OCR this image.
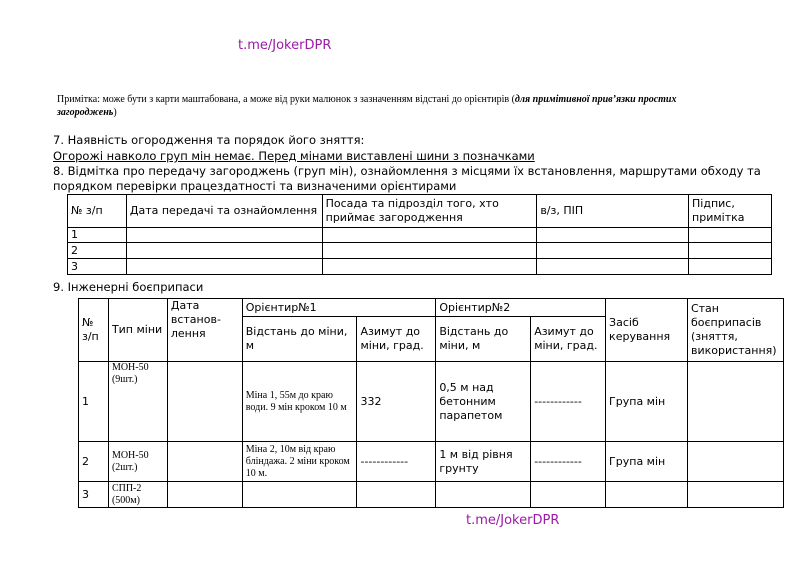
t.me/JokerDPR
Примітка: може бути з карти маштабована, а може від руки малюнок з зазначенням відстані до орієнтирів (для примітивної прив’язки простих загороджень)
7. Наявність огородження та порядок його зняття:
Огорожі навколо груп мін немає. Перед мінами виставлені шини з позначками
8. Відмітка про передачу загороджень (груп мін), ознайомлення з місцями їх встановлення, маршрутами обходу та
порядком перевірки працездатності та визначеними орієнтирами
№ з/п	Дата передачі та ознайомлення	Посада та підрозділ того, хто приймає загородження	в/з, ПІП	Підпис, примітка
1				
2				
3				
9. Інженерні боєприпаси
№ з/п	Тип міни	Дата встанов-лення	Орієнтир№1		Орієнтир№2		Засіб керування	Стан боєприпасів (зняття, використання)
			Відстань до міни, м	Азимут до міни, град.	Відстань до міни, м	Азимут до міни, град.		
1	МОН-50 (9шт.)		Міна 1, 55м до краю води. 9 мін кроком 10 м	332	0,5 м над бетонним парапетом	------------	Група мін	
2	МОН-50 (2шт.)		Міна 2, 10м від краю бліндажа. 2 міни кроком 10 м.	------------	1 м від рівня грунту	------------	Група мін	
3	СПП-2 (500м)							
t.me/JokerDPR
